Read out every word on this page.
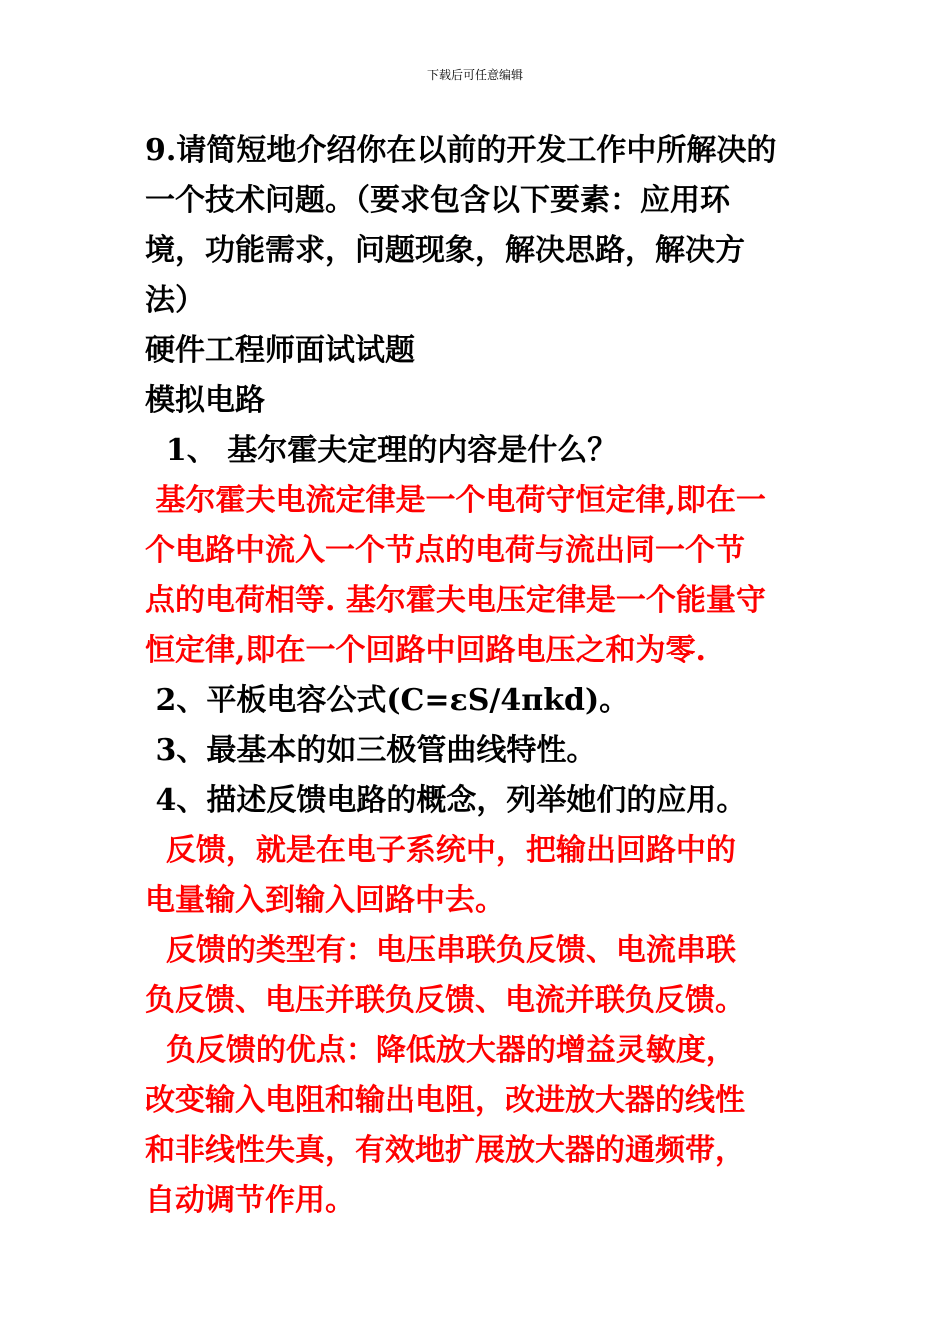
下载后可任意编辑
9.请简短地介绍你在以前的开发工作中所解决的
一个技术问题。（要求包含以下要素：应用环
境，功能需求，问题现象，解决思路，解决方
法）
硬件工程师面试试题
模拟电路
1、 基尔霍夫定理的内容是什么？
基尔霍夫电流定律是一个电荷守恒定律,即在一
个电路中流入一个节点的电荷与流出同一个节
点的电荷相等. 基尔霍夫电压定律是一个能量守
恒定律,即在一个回路中回路电压之和为零.
2、平板电容公式(C=εS/4πkd)。
3、最基本的如三极管曲线特性。
4、描述反馈电路的概念，列举她们的应用。
反馈，就是在电子系统中，把输出回路中的
电量输入到输入回路中去。
反馈的类型有：电压串联负反馈、电流串联
负反馈、电压并联负反馈、电流并联负反馈。
负反馈的优点：降低放大器的增益灵敏度，
改变输入电阻和输出电阻，改进放大器的线性
和非线性失真，有效地扩展放大器的通频带，
自动调节作用。
